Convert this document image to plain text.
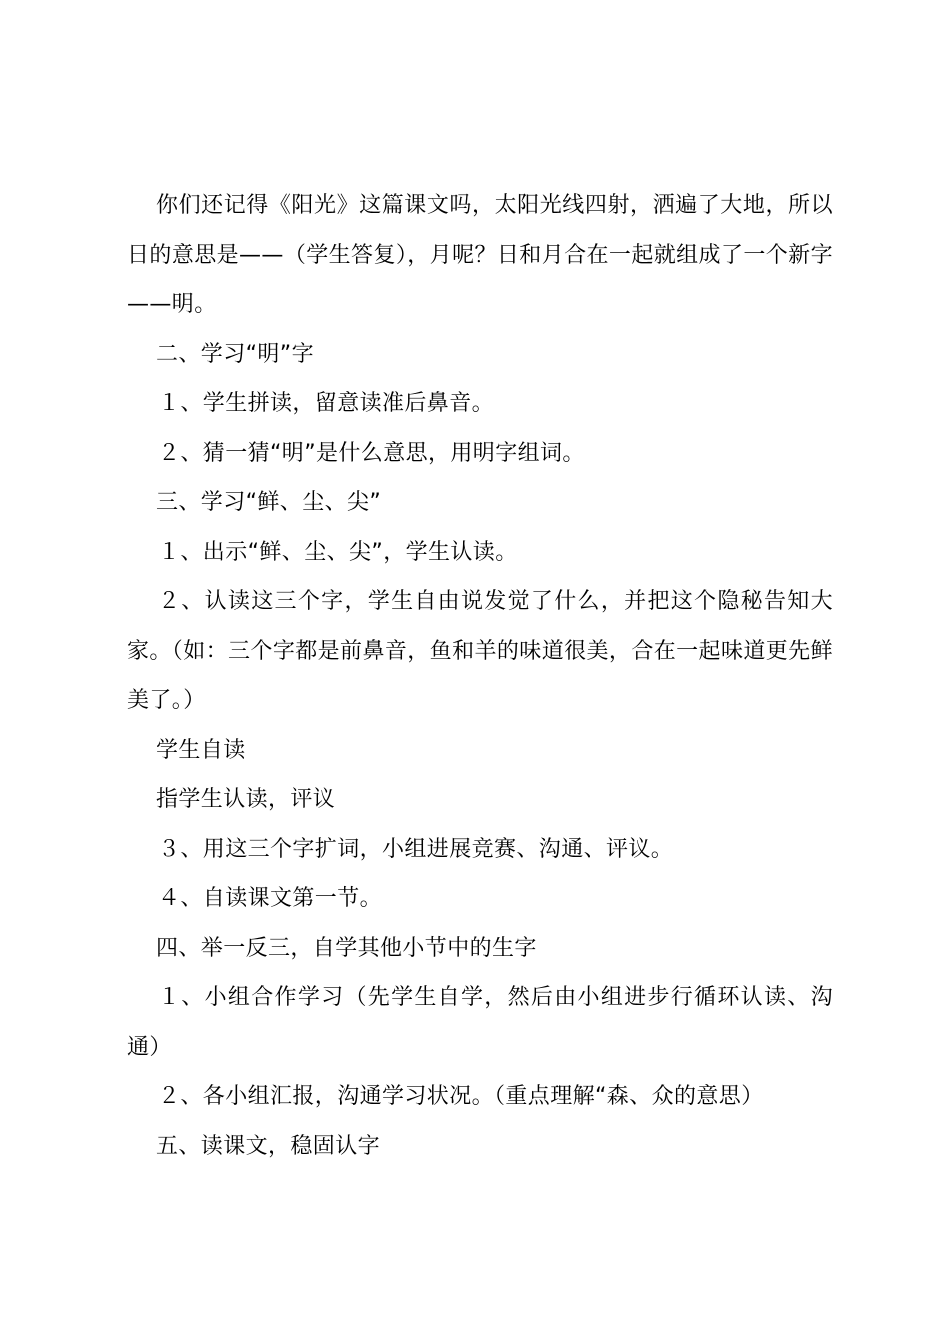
你们还记得《阳光》这篇课文吗，太阳光线四射，洒遍了大地，所以日的意思是——（学生答复），月呢？日和月合在一起就组成了一个新字——明。

二、学习“明”字

１、学生拼读，留意读准后鼻音。

２、猜一猜“明”是什么意思，用明字组词。

三、学习“鲜、尘、尖”

１、出示“鲜、尘、尖”，学生认读。

２、认读这三个字，学生自由说发觉了什么，并把这个隐秘告知大家。（如：三个字都是前鼻音，鱼和羊的味道很美，合在一起味道更先鲜美了。）

学生自读

指学生认读，评议

３、用这三个字扩词，小组进展竞赛、沟通、评议。

４、自读课文第一节。

四、举一反三，自学其他小节中的生字

１、小组合作学习（先学生自学，然后由小组进步行循环认读、沟通）

２、各小组汇报，沟通学习状况。（重点理解“森、众的意思）

五、读课文，稳固认字
